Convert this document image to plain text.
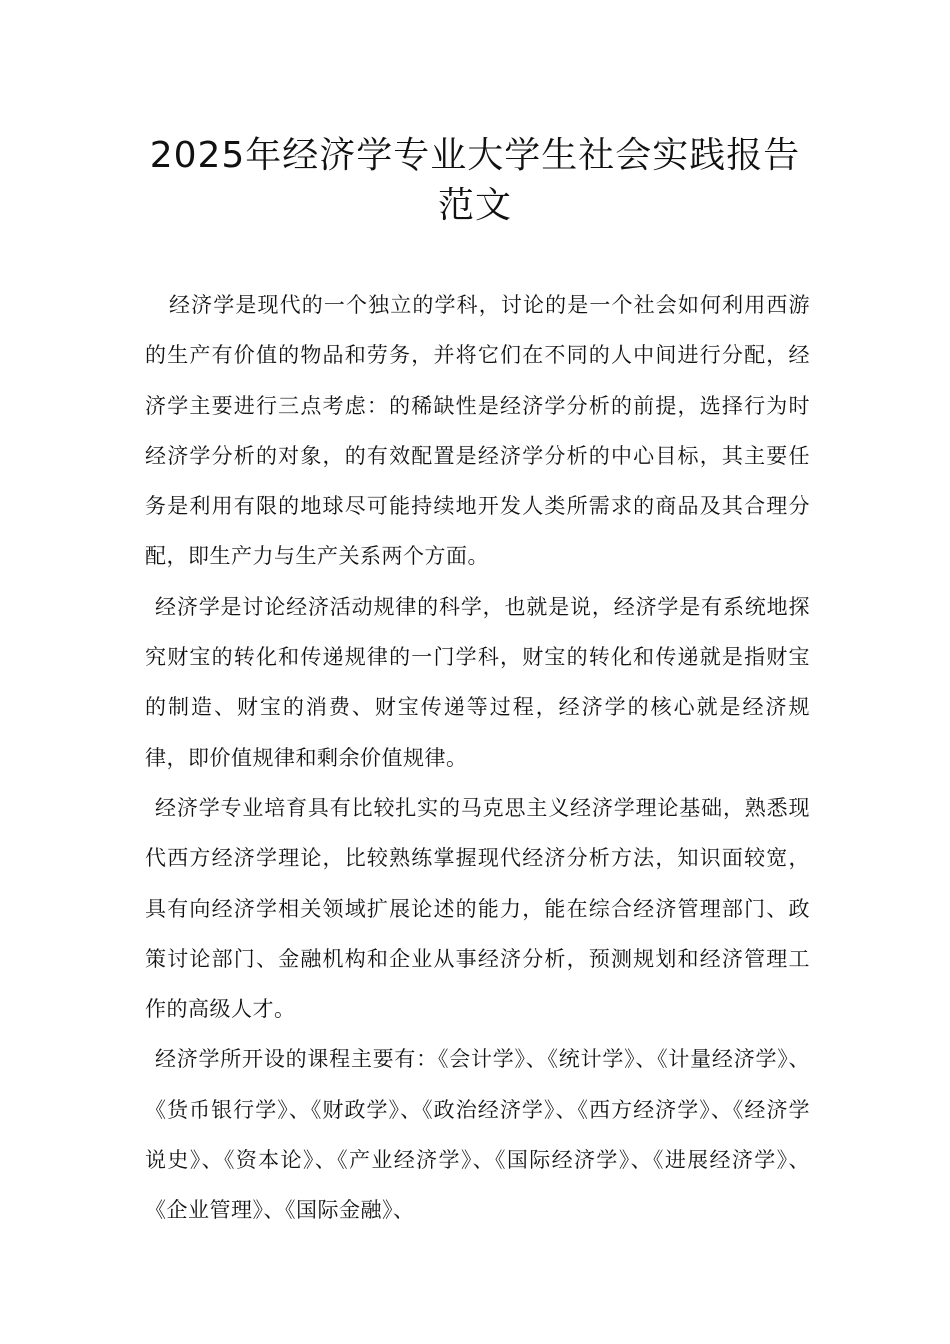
2025年经济学专业大学生社会实践报告
范文

经济学是现代的一个独立的学科，讨论的是一个社会如何利用西游的生产有价值的物品和劳务，并将它们在不同的人中间进行分配，经济学主要进行三点考虑：的稀缺性是经济学分析的前提，选择行为时经济学分析的对象，的有效配置是经济学分析的中心目标，其主要任务是利用有限的地球尽可能持续地开发人类所需求的商品及其合理分配，即生产力与生产关系两个方面。

经济学是讨论经济活动规律的科学，也就是说，经济学是有系统地探究财宝的转化和传递规律的一门学科，财宝的转化和传递就是指财宝的制造、财宝的消费、财宝传递等过程，经济学的核心就是经济规律，即价值规律和剩余价值规律。

经济学专业培育具有比较扎实的马克思主义经济学理论基础，熟悉现代西方经济学理论，比较熟练掌握现代经济分析方法，知识面较宽，具有向经济学相关领域扩展论述的能力，能在综合经济管理部门、政策讨论部门、金融机构和企业从事经济分析，预测规划和经济管理工作的高级人才。

经济学所开设的课程主要有：《会计学》、《统计学》、《计量经济学》、《货币银行学》、《财政学》、《政治经济学》、《西方经济学》、《经济学说史》、《资本论》、《产业经济学》、《国际经济学》、《进展经济学》、《企业管理》、《国际金融》、
